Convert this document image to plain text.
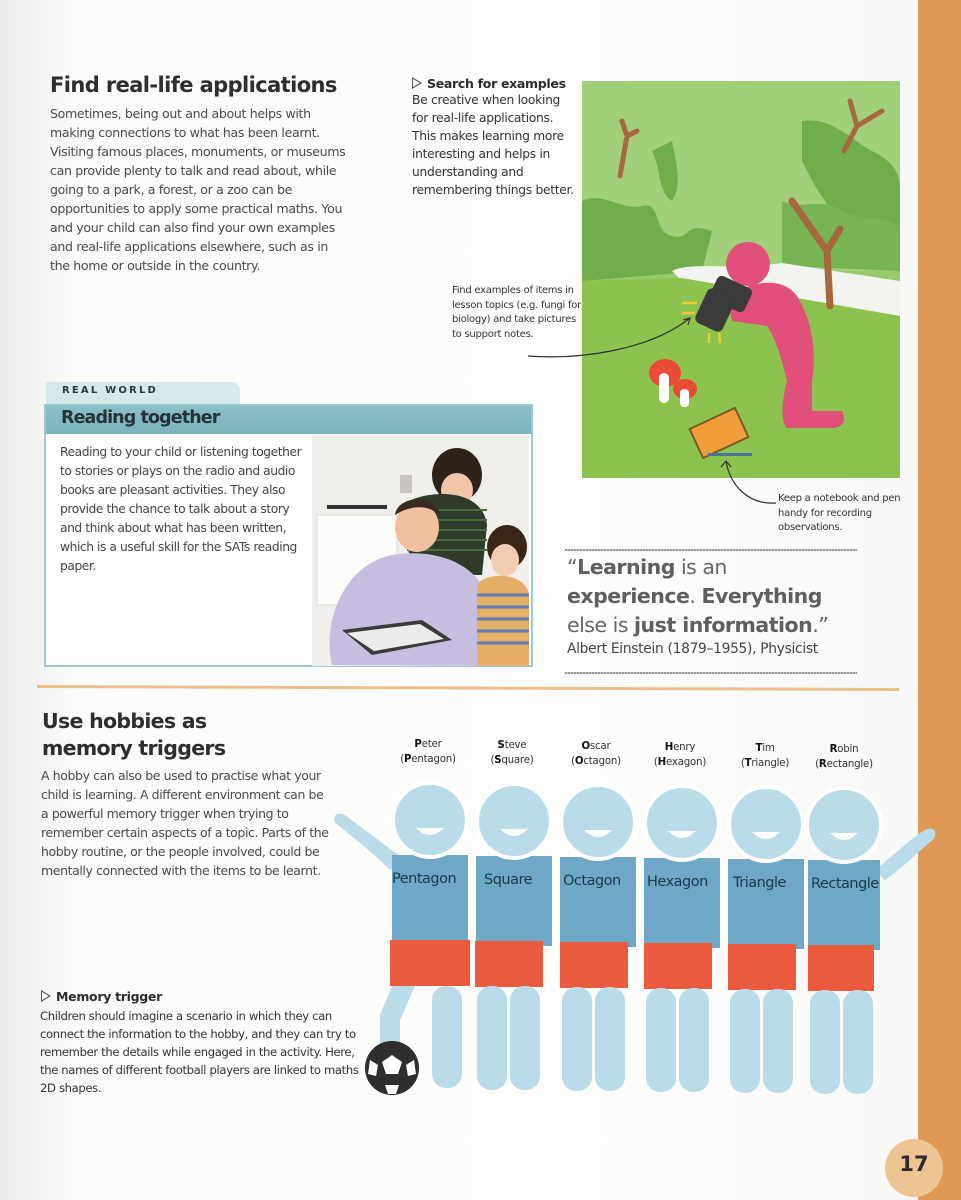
Find real-life applications
Sometimes, being out and about helps with making connections to what has been learnt. Visiting famous places, monuments, or museums can provide plenty to talk and read about, while going to a park, a forest, or a zoo can be opportunities to apply some practical maths. You and your child can also find your own examples and real-life applications elsewhere, such as in the home or outside in the country.
Search for examples
Be creative when looking for real-life applications. This makes learning more interesting and helps in understanding and remembering things better.
Find examples of items in lesson topics (e.g. fungi for biology) and take pictures to support notes.
Keep a notebook and pen handy for recording observations.
REAL WORLD
Reading together
Reading to your child or listening together to stories or plays on the radio and audio books are pleasant activities. They also provide the chance to talk about a story and think about what has been written, which is a useful skill for the SATs reading paper.	“Learning is an
experience. Everything
else is just information.”
Albert Einstein (1879–1955), Physicist
Use hobbies as memory triggers
A hobby can also be used to practise what your child is learning. A different environment can be a powerful memory trigger when trying to remember certain aspects of a topic. Parts of the hobby routine, or the people involved, could be mentally connected with the items to be learnt.
Memory trigger
Children should imagine a scenario in which they can connect the information to the hobby, and they can try to remember the details while engaged in the activity. Here, the names of different football players are linked to maths 2D shapes.
Peter
(Pentagon)
Steve
(Square)
Oscar
(Octagon)
Henry
(Hexagon)
Tim
(Triangle)
Robin
(Rectangle)
Pentagon Square Octagon Hexagon Triangle Rectangle
17
